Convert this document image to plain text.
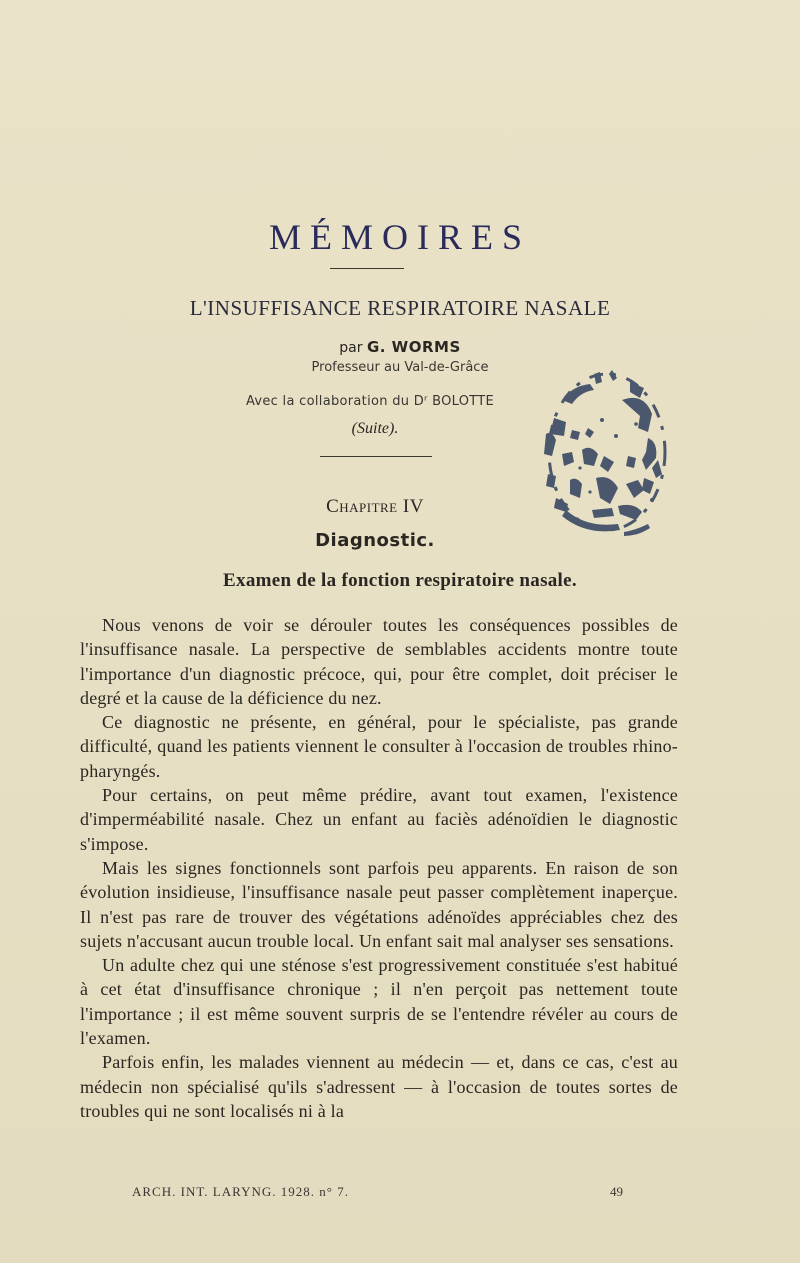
MÉMOIRES
L'INSUFFISANCE RESPIRATOIRE NASALE
par G. WORMS
Professeur au Val-de-Grâce
Avec la collaboration du Dʳ BOLOTTE
(Suite).
Chapitre IV
Diagnostic.
Examen de la fonction respiratoire nasale.

Nous venons de voir se dérouler toutes les conséquences possibles de l'insuffisance nasale. La perspective de semblables accidents montre toute l'importance d'un diagnostic précoce, qui, pour être complet, doit préciser le degré et la cause de la déficience du nez.

Ce diagnostic ne présente, en général, pour le spécialiste, pas grande difficulté, quand les patients viennent le consulter à l'occasion de troubles rhino-pharyngés.

Pour certains, on peut même prédire, avant tout examen, l'existence d'imperméabilité nasale. Chez un enfant au faciès adénoïdien le diagnostic s'impose.

Mais les signes fonctionnels sont parfois peu apparents. En raison de son évolution insidieuse, l'insuffisance nasale peut passer complètement inaperçue. Il n'est pas rare de trouver des végétations adénoïdes appréciables chez des sujets n'accusant aucun trouble local. Un enfant sait mal analyser ses sensations.

Un adulte chez qui une sténose s'est progressivement constituée s'est habitué à cet état d'insuffisance chronique ; il n'en perçoit pas nettement toute l'importance ; il est même souvent surpris de se l'entendre révéler au cours de l'examen.

Parfois enfin, les malades viennent au médecin — et, dans ce cas, c'est au médecin non spécialisé qu'ils s'adressent — à l'occasion de toutes sortes de troubles qui ne sont localisés ni à la

ARCH. INT. LARYNG. 1928. n° 7.	49
